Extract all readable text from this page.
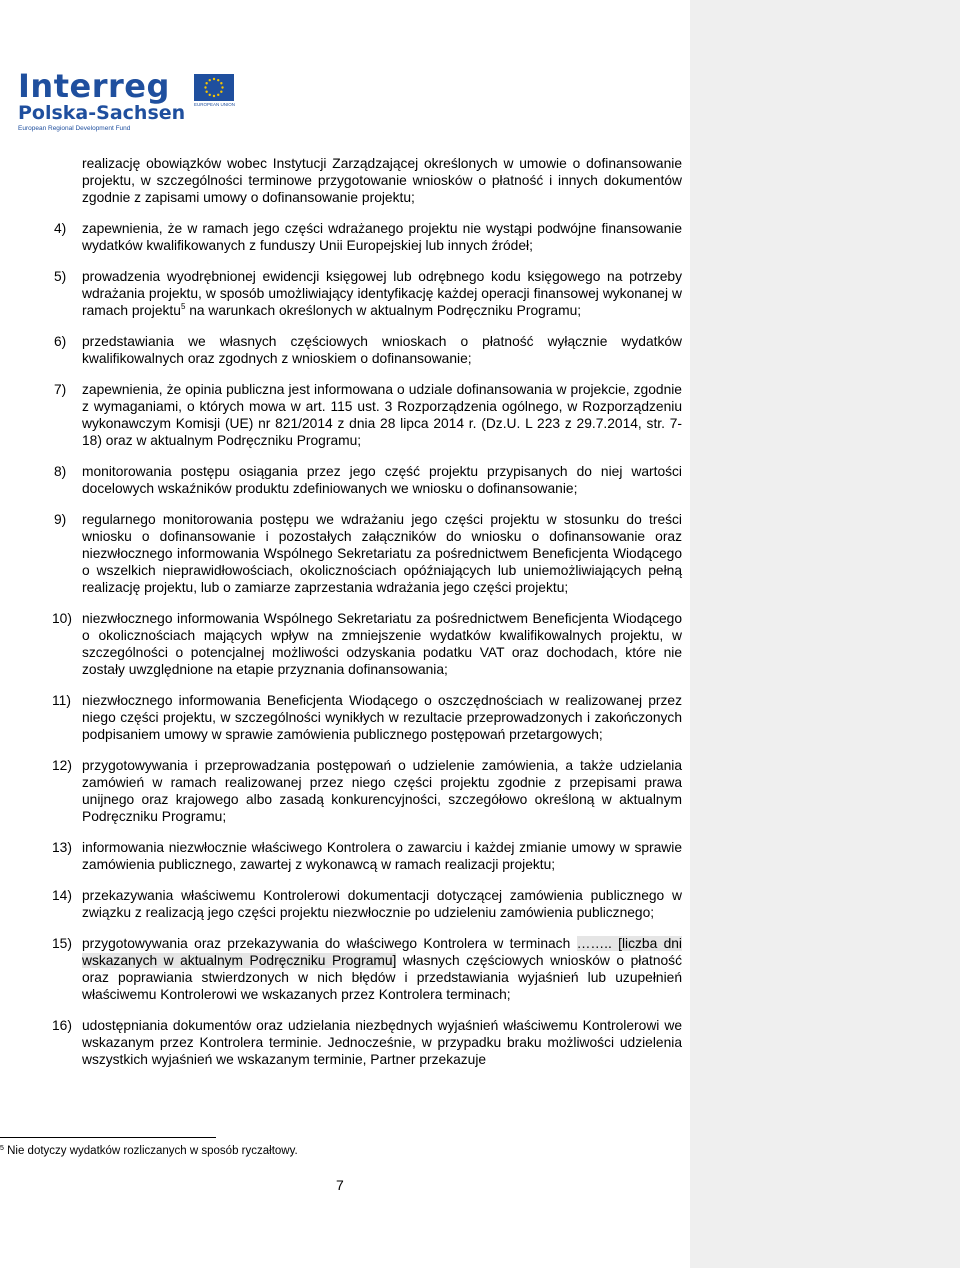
Interreg
Polska-Sachsen
European Regional Development Fund
EUROPEAN UNION

realizację obowiązków wobec Instytucji Zarządzającej określonych w umowie o dofinansowanie projektu, w szczególności terminowe przygotowanie wniosków o płatność i innych dokumentów zgodnie z zapisami umowy o dofinansowanie projektu;

4) zapewnienia, że w ramach jego części wdrażanego projektu nie wystąpi podwójne finansowanie wydatków kwalifikowanych z funduszy Unii Europejskiej lub innych źródeł;
5) prowadzenia wyodrębnionej ewidencji księgowej lub odrębnego kodu księgowego na potrzeby wdrażania projektu, w sposób umożliwiający identyfikację każdej operacji finansowej wykonanej w ramach projektu$^5$ na warunkach określonych w aktualnym Podręczniku Programu;
6) przedstawiania we własnych częściowych wnioskach o płatność wyłącznie wydatków kwalifikowalnych oraz zgodnych z wnioskiem o dofinansowanie;
7) zapewnienia, że opinia publiczna jest informowana o udziale dofinansowania w projekcie, zgodnie z wymaganiami, o których mowa w art. 115 ust. 3 Rozporządzenia ogólnego, w Rozporządzeniu wykonawczym Komisji (UE) nr 821/2014 z dnia 28 lipca 2014 r. (Dz.U. L 223 z 29.7.2014, str. 7-18) oraz w aktualnym Podręczniku Programu;
8) monitorowania postępu osiągania przez jego część projektu przypisanych do niej wartości docelowych wskaźników produktu zdefiniowanych we wniosku o dofinansowanie;
9) regularnego monitorowania postępu we wdrażaniu jego części projektu w stosunku do treści wniosku o dofinansowanie i pozostałych załączników do wniosku o dofinansowanie oraz niezwłocznego informowania Wspólnego Sekretariatu za pośrednictwem Beneficjenta Wiodącego o wszelkich nieprawidłowościach, okolicznościach opóźniających lub uniemożliwiających pełną realizację projektu, lub o zamiarze zaprzestania wdrażania jego części projektu;
10) niezwłocznego informowania Wspólnego Sekretariatu za pośrednictwem Beneficjenta Wiodącego o okolicznościach mających wpływ na zmniejszenie wydatków kwalifikowalnych projektu, w szczególności o potencjalnej możliwości odzyskania podatku VAT oraz dochodach, które nie zostały uwzględnione na etapie przyznania dofinansowania;
11) niezwłocznego informowania Beneficjenta Wiodącego o oszczędnościach w realizowanej przez niego części projektu, w szczególności wynikłych w rezultacie przeprowadzonych i zakończonych podpisaniem umowy w sprawie zamówienia publicznego postępowań przetargowych;
12) przygotowywania i przeprowadzania postępowań o udzielenie zamówienia, a także udzielania zamówień w ramach realizowanej przez niego części projektu zgodnie z przepisami prawa unijnego oraz krajowego albo zasadą konkurencyjności, szczegółowo określoną w aktualnym Podręczniku Programu;
13) informowania niezwłocznie właściwego Kontrolera o zawarciu i każdej zmianie umowy w sprawie zamówienia publicznego, zawartej z wykonawcą w ramach realizacji projektu;
14) przekazywania właściwemu Kontrolerowi dokumentacji dotyczącej zamówienia publicznego w związku z realizacją jego części projektu niezwłocznie po udzieleniu zamówienia publicznego;
15) przygotowywania oraz przekazywania do właściwego Kontrolera w terminach …….. [liczba dni wskazanych w aktualnym Podręczniku Programu] własnych częściowych wniosków o płatność oraz poprawiania stwierdzonych w nich błędów i przedstawiania wyjaśnień lub uzupełnień właściwemu Kontrolerowi we wskazanych przez Kontrolera terminach;
16) udostępniania dokumentów oraz udzielania niezbędnych wyjaśnień właściwemu Kontrolerowi we wskazanym przez Kontrolera terminie. Jednocześnie, w przypadku braku możliwości udzielenia wszystkich wyjaśnień we wskazanym terminie, Partner przekazuje
$^5$ Nie dotyczy wydatków rozliczanych w sposób ryczałtowy.
7
